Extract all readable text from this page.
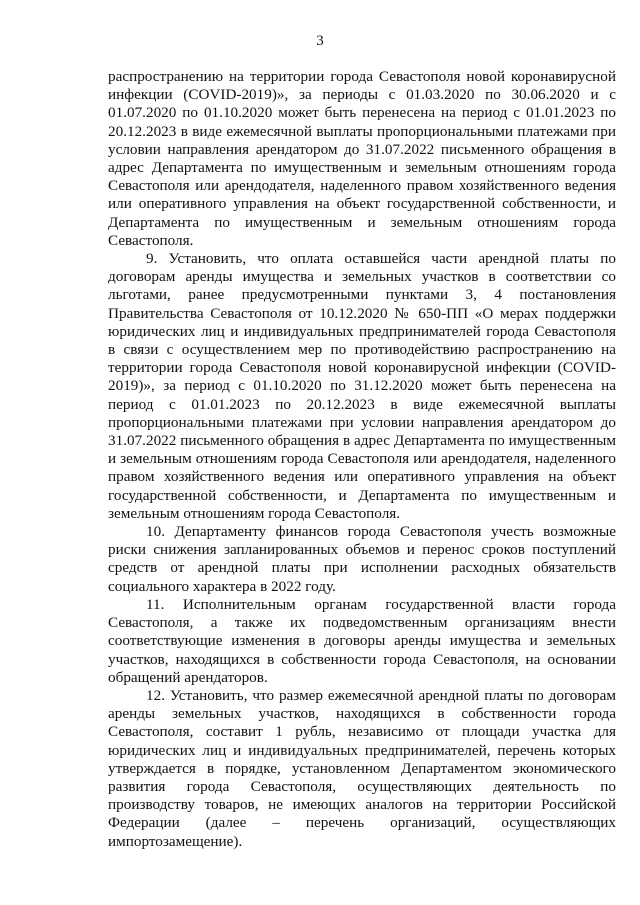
3

распространению на территории города Севастополя новой коронавирусной инфекции (COVID-2019)», за периоды с 01.03.2020 по 30.06.2020 и с 01.07.2020 по 01.10.2020 может быть перенесена на период с 01.01.2023 по 20.12.2023 в виде ежемесячной выплаты пропорциональными платежами при условии направления арендатором до 31.07.2022 письменного обращения в адрес Департамента по имущественным и земельным отношениям города Севастополя или арендодателя, наделенного правом хозяйственного ведения или оперативного управления на объект государственной собственности, и Департамента по имущественным и земельным отношениям города Севастополя.

9. Установить, что оплата оставшейся части арендной платы по договорам аренды имущества и земельных участков в соответствии со льготами, ранее предусмотренными пунктами 3, 4 постановления Правительства Севастополя от 10.12.2020 № 650-ПП «О мерах поддержки юридических лиц и индивидуальных предпринимателей города Севастополя в связи с осуществлением мер по противодействию распространению на территории города Севастополя новой коронавирусной инфекции (COVID-2019)», за период с 01.10.2020 по 31.12.2020 может быть перенесена на период с 01.01.2023 по 20.12.2023 в виде ежемесячной выплаты пропорциональными платежами при условии направления арендатором до 31.07.2022 письменного обращения в адрес Департамента по имущественным и земельным отношениям города Севастополя или арендодателя, наделенного правом хозяйственного ведения или оперативного управления на объект государственной собственности, и Департамента по имущественным и земельным отношениям города Севастополя.

10. Департаменту финансов города Севастополя учесть возможные риски снижения запланированных объемов и перенос сроков поступлений средств от арендной платы при исполнении расходных обязательств социального характера в 2022 году.

11. Исполнительным органам государственной власти города Севастополя, а также их подведомственным организациям внести соответствующие изменения в договоры аренды имущества и земельных участков, находящихся в собственности города Севастополя, на основании обращений арендаторов.

12. Установить, что размер ежемесячной арендной платы по договорам аренды земельных участков, находящихся в собственности города Севастополя, составит 1 рубль, независимо от площади участка для юридических лиц и индивидуальных предпринимателей, перечень которых утверждается в порядке, установленном Департаментом экономического развития города Севастополя, осуществляющих деятельность по производству товаров, не имеющих аналогов на территории Российской Федерации (далее – перечень организаций, осуществляющих импортозамещение).
